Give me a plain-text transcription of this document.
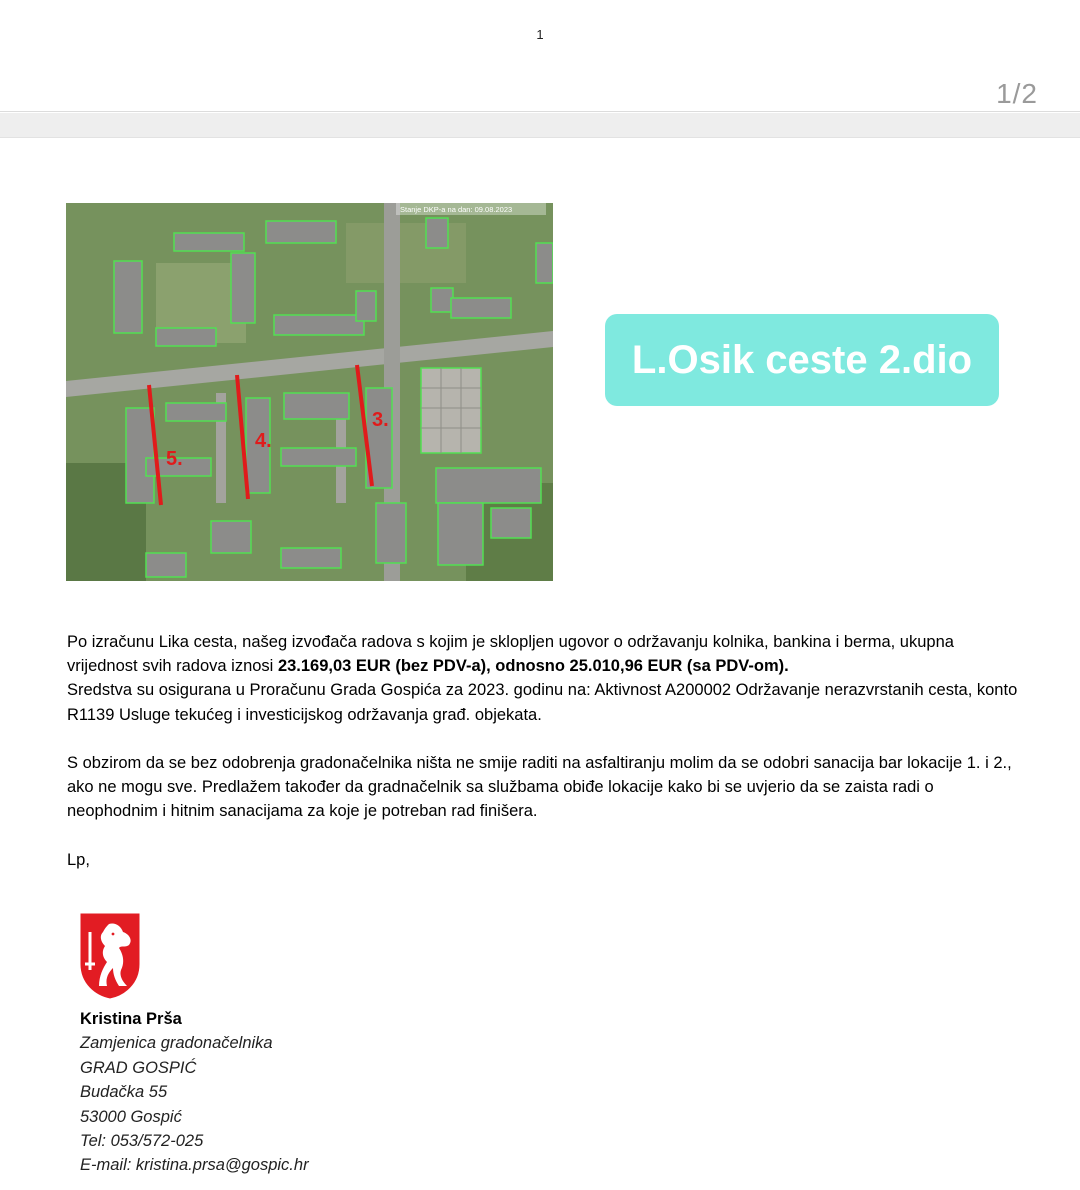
1
1/2
3.
4.
5.
Stanje DKP-a na dan: 09.08.2023
L.Osik ceste 2.dio

Po izračunu Lika cesta, našeg izvođača radova s kojim je sklopljen ugovor o održavanju kolnika, bankina i berma, ukupna vrijednost svih radova iznosi 23.169,03 EUR (bez PDV-a), odnosno 25.010,96 EUR (sa PDV-om).
Sredstva su osigurana u Proračunu Grada Gospića za 2023. godinu na: Aktivnost A200002 Održavanje nerazvrstanih cesta, konto R1139 Usluge tekućeg i investicijskog održavanja građ. objekata.

S obzirom da se bez odobrenja gradonačelnika ništa ne smije raditi na asfaltiranju molim da se odobri sanacija bar lokacije 1. i 2., ako ne mogu sve. Predlažem također da gradnačelnik sa službama obiđe lokacije kako bi se uvjerio da se zaista radi o neophodnim i hitnim sanacijama za koje je potreban rad finišera.

Lp,
Kristina Prša
Zamjenica gradonačelnika
GRAD GOSPIĆ
Budačka 55
53000 Gospić
Tel: 053/572-025
E-mail: kristina.prsa@gospic.hr
